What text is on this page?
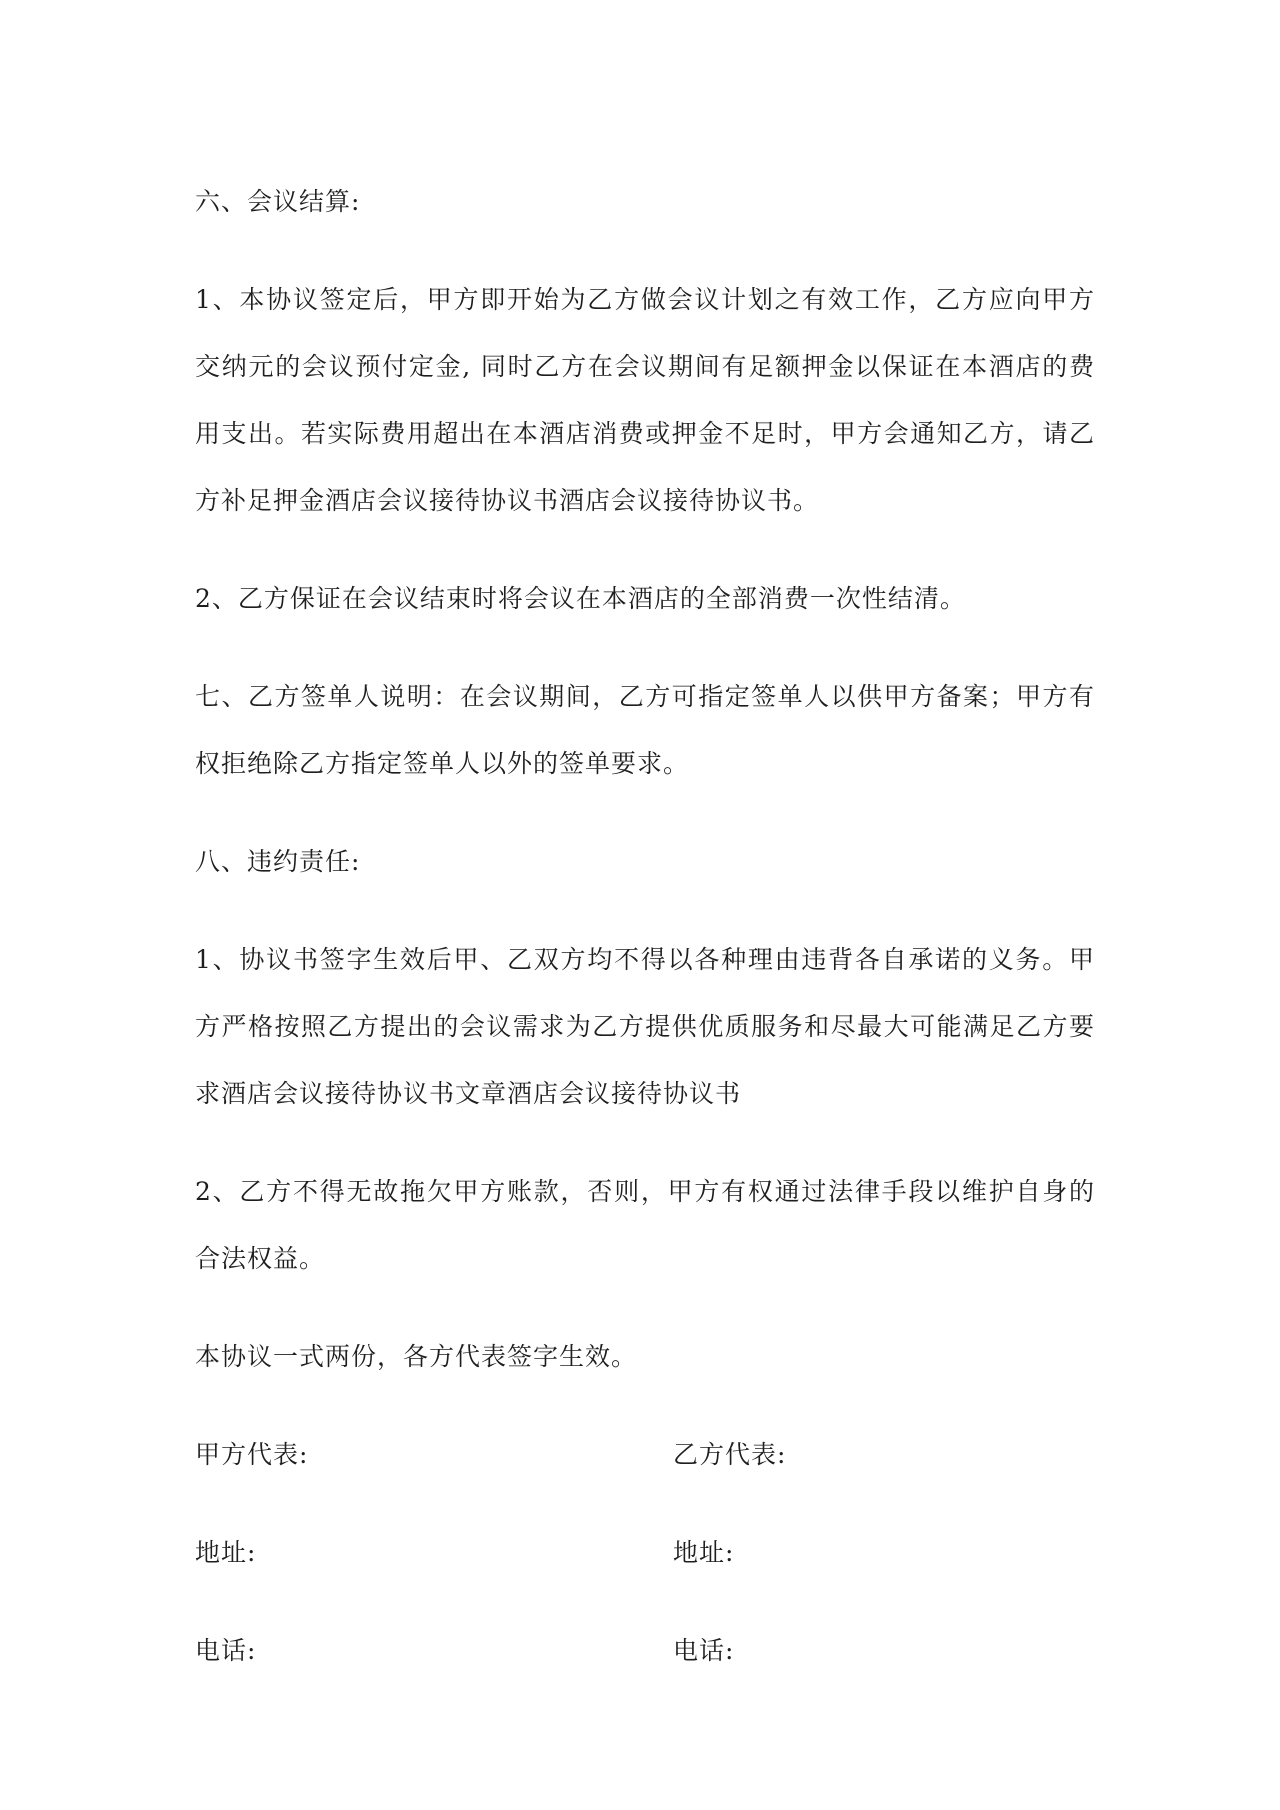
六、会议结算:

1、本协议签定后，甲方即开始为乙方做会议计划之有效工作，乙方应向甲方交纳元的会议预付定金, 同时乙方在会议期间有足额押金以保证在本酒店的费用支出。若实际费用超出在本酒店消费或押金不足时，甲方会通知乙方，请乙方补足押金酒店会议接待协议书酒店会议接待协议书。

2、乙方保证在会议结束时将会议在本酒店的全部消费一次性结清。

七、乙方签单人说明：在会议期间，乙方可指定签单人以供甲方备案；甲方有权拒绝除乙方指定签单人以外的签单要求。

八、违约责任:

1、协议书签字生效后甲、乙双方均不得以各种理由违背各自承诺的义务。甲方严格按照乙方提出的会议需求为乙方提供优质服务和尽最大可能满足乙方要求酒店会议接待协议书文章酒店会议接待协议书

2、乙方不得无故拖欠甲方账款，否则，甲方有权通过法律手段以维护自身的合法权益。

本协议一式两份，各方代表签字生效。

甲方代表:	乙方代表:
地址:	地址:
电话:	电话:
